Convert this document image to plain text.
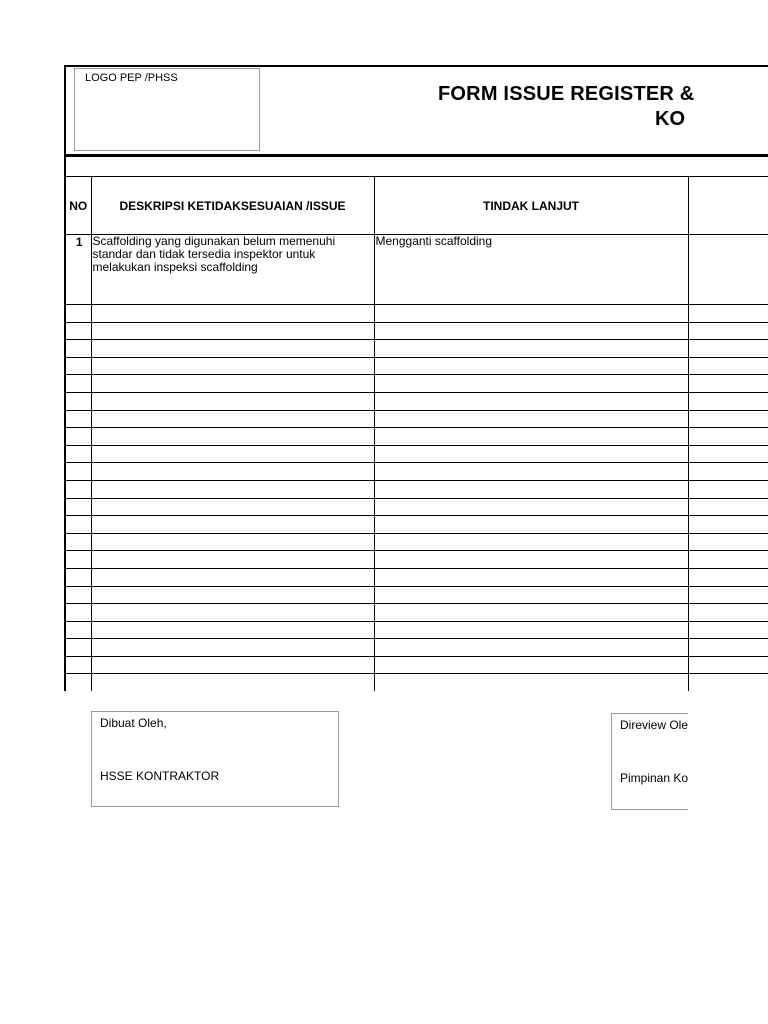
LOGO PEP /PHSS
FORM ISSUE REGISTER &
KO
NO	DESKRIPSI KETIDAKSESUAIAN /ISSUE	TINDAK LANJUT	
1	Scaffolding yang digunakan belum memenuhi standar dan tidak tersedia inspektor untuk melakukan inspeksi scaffolding	Mengganti scaffolding	

Dibuat Oleh,
HSSE KONTRAKTOR
Direview Ole
Pimpinan Ko
